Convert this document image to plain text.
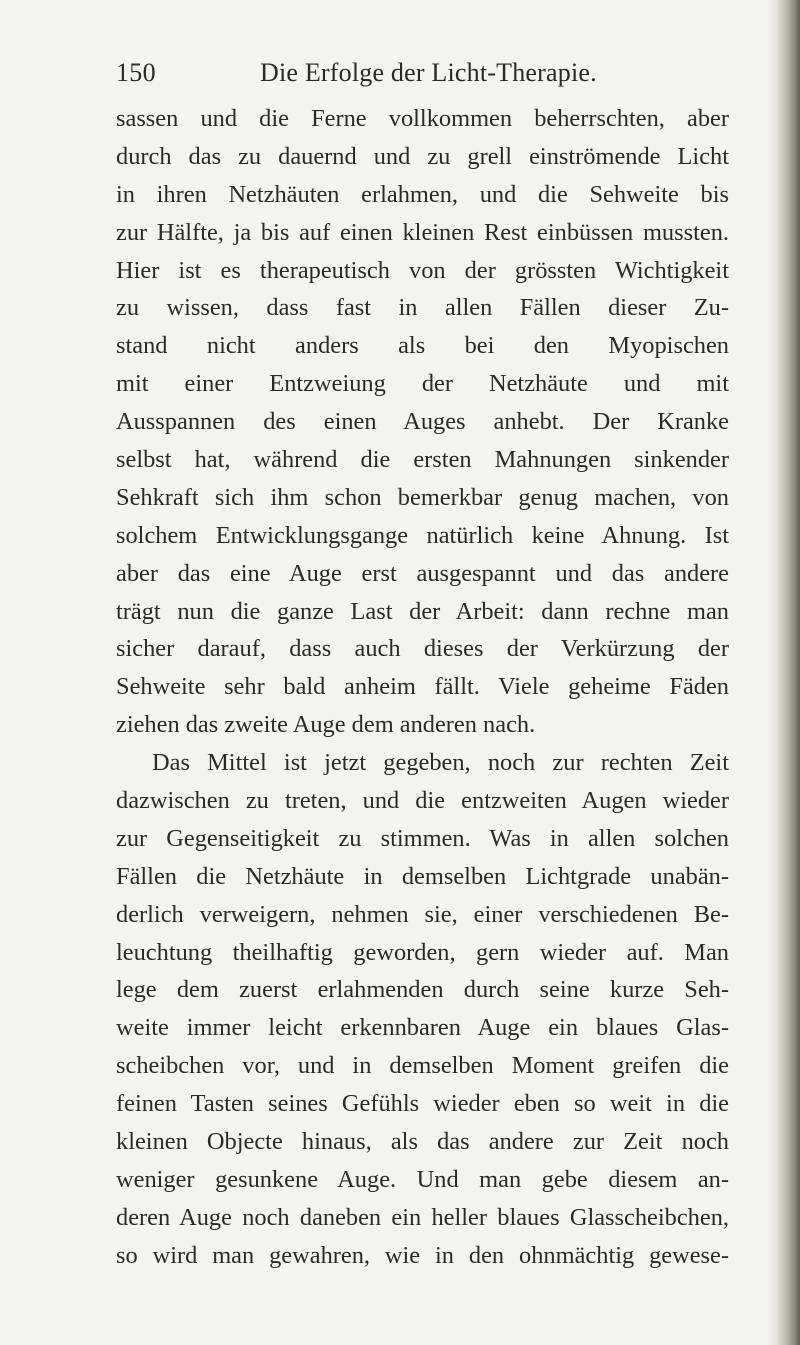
150	Die Erfolge der Licht-Therapie.
sassen und die Ferne vollkommen beherrschten, aber
durch das zu dauernd und zu grell einströmende Licht
in ihren Netzhäuten erlahmen, und die Sehweite bis
zur Hälfte, ja bis auf einen kleinen Rest einbüssen mussten.
Hier ist es therapeutisch von der grössten Wichtigkeit
zu wissen, dass fast in allen Fällen dieser Zu-
stand nicht anders als bei den Myopischen
mit einer Entzweiung der Netzhäute und mit
Ausspannen des einen Auges anhebt. Der Kranke
selbst hat, während die ersten Mahnungen sinkender
Sehkraft sich ihm schon bemerkbar genug machen, von
solchem Entwicklungsgange natürlich keine Ahnung. Ist
aber das eine Auge erst ausgespannt und das andere
trägt nun die ganze Last der Arbeit: dann rechne man
sicher darauf, dass auch dieses der Verkürzung der
Sehweite sehr bald anheim fällt. Viele geheime Fäden
ziehen das zweite Auge dem anderen nach.
Das Mittel ist jetzt gegeben, noch zur rechten Zeit
dazwischen zu treten, und die entzweiten Augen wieder
zur Gegenseitigkeit zu stimmen. Was in allen solchen
Fällen die Netzhäute in demselben Lichtgrade unabän-
derlich verweigern, nehmen sie, einer verschiedenen Be-
leuchtung theilhaftig geworden, gern wieder auf. Man
lege dem zuerst erlahmenden durch seine kurze Seh-
weite immer leicht erkennbaren Auge ein blaues Glas-
scheibchen vor, und in demselben Moment greifen die
feinen Tasten seines Gefühls wieder eben so weit in die
kleinen Objecte hinaus, als das andere zur Zeit noch
weniger gesunkene Auge. Und man gebe diesem an-
deren Auge noch daneben ein heller blaues Glasscheibchen,
so wird man gewahren, wie in den ohnmächtig gewese-
